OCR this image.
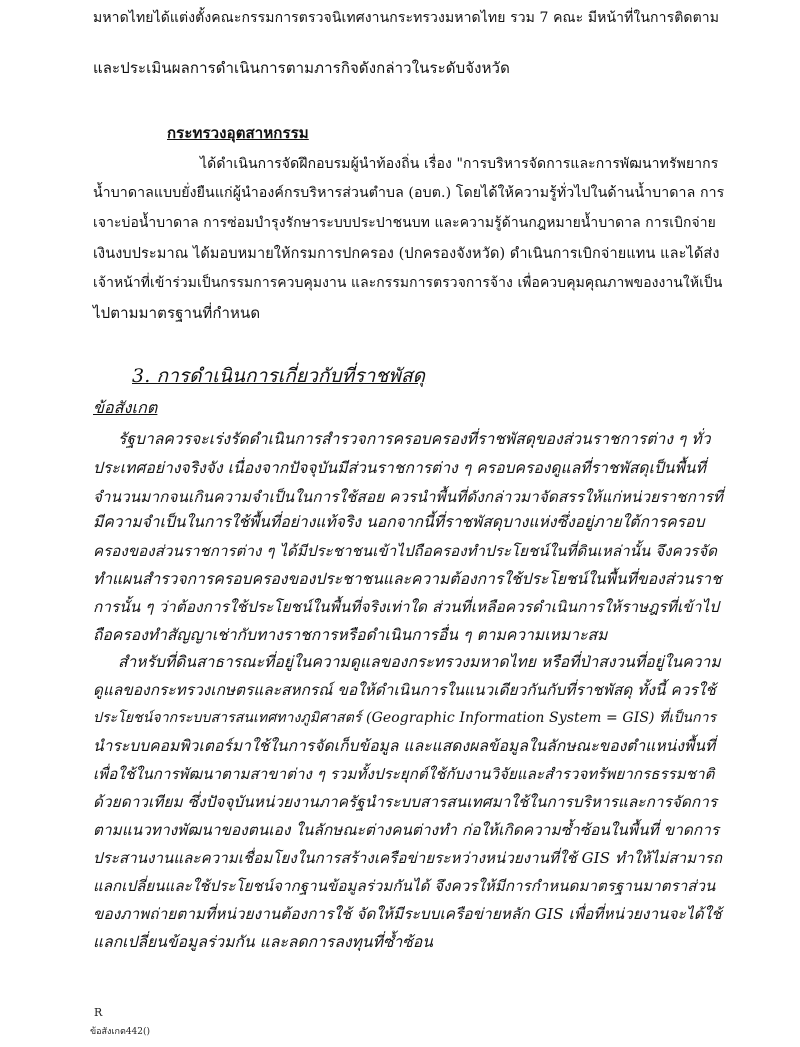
มหาดไทยได้แต่งตั้งคณะกรรมการตรวจนิเทศงานกระทรวงมหาดไทย รวม 7 คณะ มีหน้าที่ในการติดตาม
และประเมินผลการดำเนินการตามภารกิจดังกล่าวในระดับจังหวัด
กระทรวงอุตสาหกรรม
ได้ดำเนินการจัดฝึกอบรมผู้นำท้องถิ่น เรื่อง "การบริหารจัดการและการพัฒนาทรัพยากร
น้ำบาดาลแบบยั่งยืนแก่ผู้นำองค์กรบริหารส่วนตำบล (อบต.) โดยได้ให้ความรู้ทั่วไปในด้านน้ำบาดาล การ
เจาะบ่อน้ำบาดาล การซ่อมบำรุงรักษาระบบประปาชนบท และความรู้ด้านกฎหมายน้ำบาดาล การเบิกจ่าย
เงินงบประมาณ ได้มอบหมายให้กรมการปกครอง (ปกครองจังหวัด) ดำเนินการเบิกจ่ายแทน และได้ส่ง
เจ้าหน้าที่เข้าร่วมเป็นกรรมการควบคุมงาน และกรรมการตรวจการจ้าง เพื่อควบคุมคุณภาพของงานให้เป็น
ไปตามมาตรฐานที่กำหนด
3. การดำเนินการเกี่ยวกับที่ราชพัสดุ
ข้อสังเกต
รัฐบาลควรจะเร่งรัดดำเนินการสำรวจการครอบครองที่ราชพัสดุของส่วนราชการต่าง ๆ ทั่ว
ประเทศอย่างจริงจัง เนื่องจากปัจจุบันมีส่วนราชการต่าง ๆ ครอบครองดูแลที่ราชพัสดุเป็นพื้นที่
จำนวนมากจนเกินความจำเป็นในการใช้สอย ควรนำพื้นที่ดังกล่าวมาจัดสรรให้แก่หน่วยราชการที่
มีความจำเป็นในการใช้พื้นที่อย่างแท้จริง นอกจากนี้ที่ราชพัสดุบางแห่งซึ่งอยู่ภายใต้การครอบ
ครองของส่วนราชการต่าง ๆ ได้มีประชาชนเข้าไปถือครองทำประโยชน์ในที่ดินเหล่านั้น จึงควรจัด
ทำแผนสำรวจการครอบครองของประชาชนและความต้องการใช้ประโยชน์ในพื้นที่ของส่วนราช
การนั้น ๆ ว่าต้องการใช้ประโยชน์ในพื้นที่จริงเท่าใด ส่วนที่เหลือควรดำเนินการให้ราษฎรที่เข้าไป
ถือครองทำสัญญาเช่ากับทางราชการหรือดำเนินการอื่น ๆ ตามความเหมาะสม
สำหรับที่ดินสาธารณะที่อยู่ในความดูแลของกระทรวงมหาดไทย หรือที่ป่าสงวนที่อยู่ในความ
ดูแลของกระทรวงเกษตรและสหกรณ์ ขอให้ดำเนินการในแนวเดียวกันกับที่ราชพัสดุ ทั้งนี้ ควรใช้
ประโยชน์จากระบบสารสนเทศทางภูมิศาสตร์ (Geographic Information System = GIS) ที่เป็นการ
นำระบบคอมพิวเตอร์มาใช้ในการจัดเก็บข้อมูล และแสดงผลข้อมูลในลักษณะของตำแหน่งพื้นที่
เพื่อใช้ในการพัฒนาตามสาขาต่าง ๆ รวมทั้งประยุกต์ใช้กับงานวิจัยและสำรวจทรัพยากรธรรมชาติ
ด้วยดาวเทียม ซึ่งปัจจุบันหน่วยงานภาครัฐนำระบบสารสนเทศมาใช้ในการบริหารและการจัดการ
ตามแนวทางพัฒนาของตนเอง ในลักษณะต่างคนต่างทำ ก่อให้เกิดความซ้ำซ้อนในพื้นที่ ขาดการ
ประสานงานและความเชื่อมโยงในการสร้างเครือข่ายระหว่างหน่วยงานที่ใช้ GIS ทำให้ไม่สามารถ
แลกเปลี่ยนและใช้ประโยชน์จากฐานข้อมูลร่วมกันได้ จึงควรให้มีการกำหนดมาตรฐานมาตราส่วน
ของภาพถ่ายตามที่หน่วยงานต้องการใช้ จัดให้มีระบบเครือข่ายหลัก GIS เพื่อที่หน่วยงานจะได้ใช้
แลกเปลี่ยนข้อมูลร่วมกัน และลดการลงทุนที่ซ้ำซ้อน
R
ข้อสังเกต442()
